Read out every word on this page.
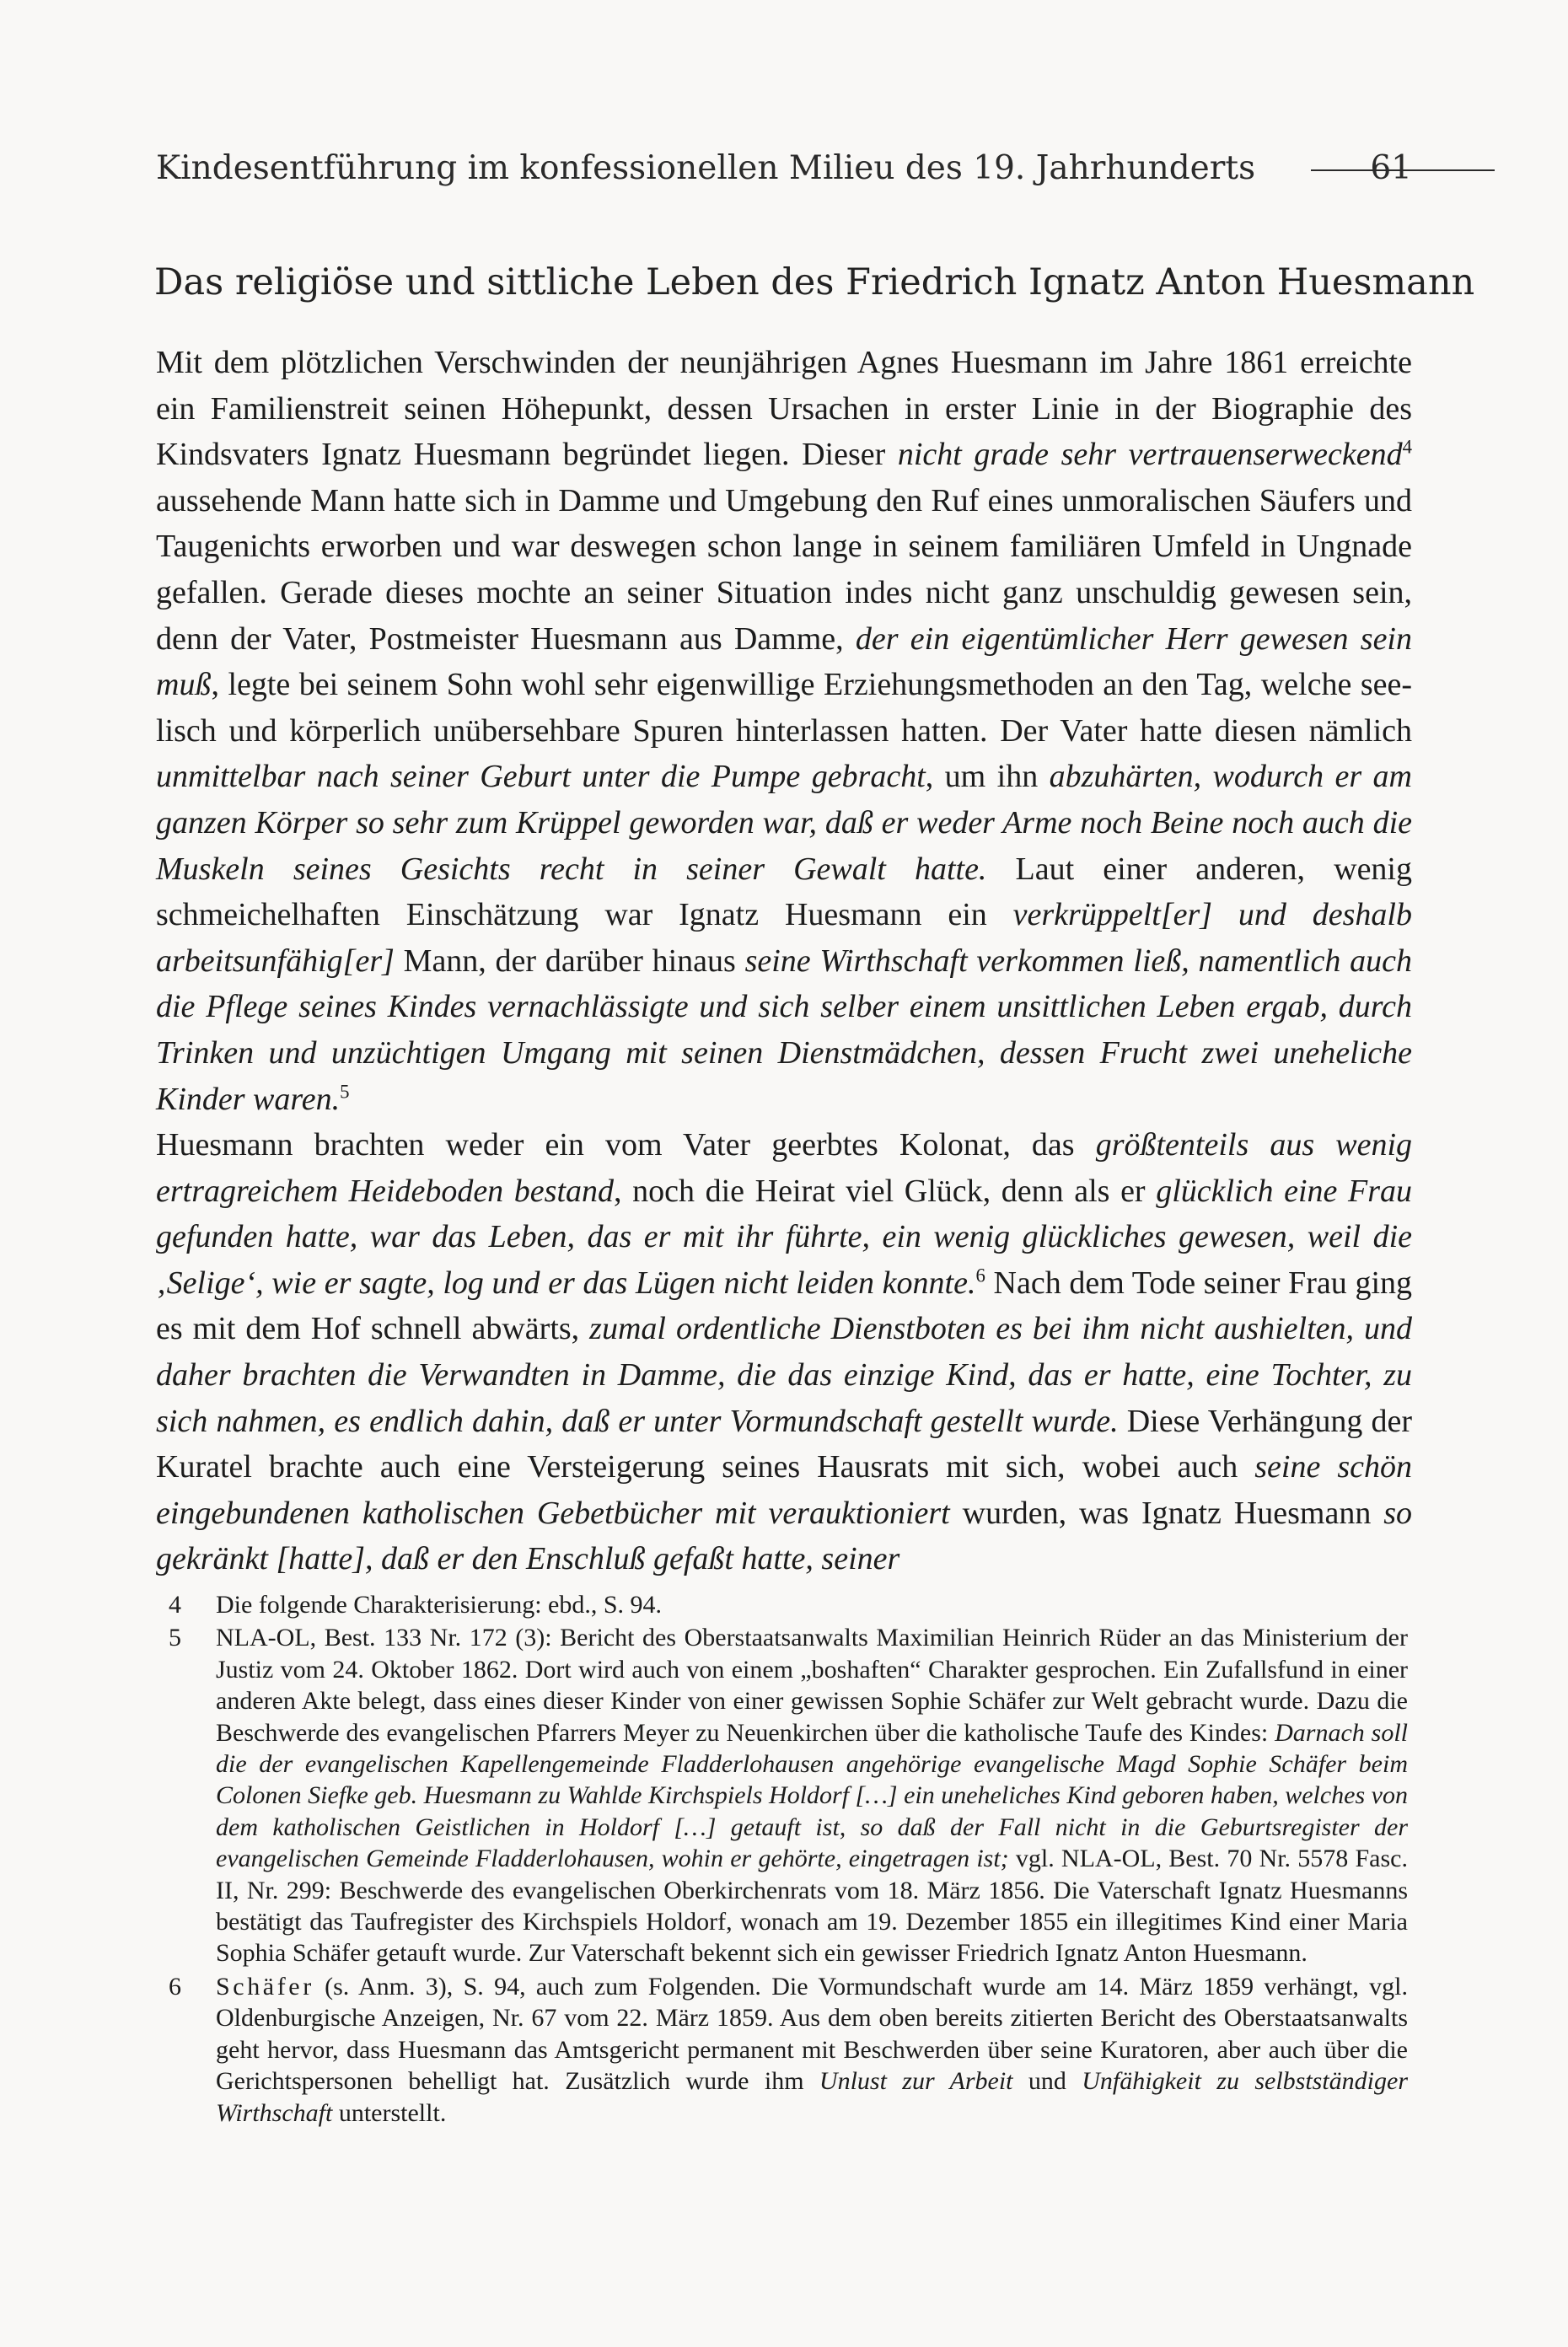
Kindesentführung im konfessionellen Milieu des 19. Jahrhunderts	61
Das religiöse und sittliche Leben des Friedrich Ignatz Anton Huesmann

Mit dem plötzlichen Verschwinden der neunjährigen Agnes Huesmann im Jahre 1861 erreichte ein Familienstreit seinen Höhepunkt, dessen Ursachen in erster Linie in der Biographie des Kindsvaters Ignatz Huesmann begründet liegen. Dieser nicht grade sehr vertrauenserweckend$^4$ aussehende Mann hatte sich in Damme und Umgebung den Ruf eines unmoralischen Säufers und Taugenichts erworben und war deswegen schon lange in seinem familiären Umfeld in Ungnade gefallen. Gerade dieses mochte an seiner Situation indes nicht ganz unschuldig gewesen sein, denn der Vater, Postmeister Huesmann aus Damme, der ein eigentümlicher Herr gewesen sein muß, legte bei seinem Sohn wohl sehr eigenwillige Erziehungsmethoden an den Tag, welche seelisch und körperlich unübersehbare Spuren hinterlassen hatten. Der Vater hatte diesen nämlich unmittelbar nach seiner Geburt unter die Pumpe gebracht, um ihn abzuhärten, wodurch er am ganzen Körper so sehr zum Krüppel geworden war, daß er weder Arme noch Beine noch auch die Muskeln seines Gesichts recht in seiner Gewalt hatte. Laut einer anderen, wenig schmeichelhaften Einschätzung war Ignatz Huesmann ein verkrüppelt[er] und deshalb arbeitsunfähig[er] Mann, der darüber hinaus seine Wirthschaft verkommen ließ, namentlich auch die Pflege seines Kindes vernachlässigte und sich selber einem unsittlichen Leben ergab, durch Trinken und unzüchtigen Umgang mit seinen Dienstmädchen, dessen Frucht zwei uneheliche Kinder waren.$^5$

Huesmann brachten weder ein vom Vater geerbtes Kolonat, das größtenteils aus wenig ertragreichem Heideboden bestand, noch die Heirat viel Glück, denn als er glücklich eine Frau gefunden hatte, war das Leben, das er mit ihr führte, ein wenig glückliches gewesen, weil die ‚Selige‘, wie er sagte, log und er das Lügen nicht leiden konnte.$^6$ Nach dem Tode seiner Frau ging es mit dem Hof schnell abwärts, zumal ordentliche Dienstboten es bei ihm nicht aushielten, und daher brachten die Verwandten in Damme, die das einzige Kind, das er hatte, eine Tochter, zu sich nahmen, es endlich dahin, daß er unter Vormundschaft gestellt wurde. Diese Verhängung der Kuratel brachte auch eine Versteigerung seines Hausrats mit sich, wobei auch seine schön eingebundenen katholischen Gebetbücher mit verauktioniert wurden, was Ignatz Huesmann so gekränkt [hatte], daß er den Enschluß gefaßt hatte, seiner

4	Die folgende Charakterisierung: ebd., S. 94.
5	NLA-OL, Best. 133 Nr. 172 (3): Bericht des Oberstaatsanwalts Maximilian Heinrich Rüder an das Ministerium der Justiz vom 24. Oktober 1862. Dort wird auch von einem „boshaften“ Charakter gesprochen. Ein Zufallsfund in einer anderen Akte belegt, dass eines dieser Kinder von einer gewissen Sophie Schäfer zur Welt gebracht wurde. Dazu die Beschwerde des evangelischen Pfarrers Meyer zu Neuenkirchen über die katholische Taufe des Kindes: Darnach soll die der evangelischen Kapellengemeinde Fladderlohausen angehörige evangelische Magd Sophie Schäfer beim Colonen Siefke geb. Huesmann zu Wahlde Kirchspiels Holdorf […] ein uneheliches Kind geboren haben, welches von dem katholischen Geistlichen in Holdorf […] getauft ist, so daß der Fall nicht in die Geburtsregister der evangelischen Gemeinde Fladderlohausen, wohin er gehörte, eingetragen ist; vgl. NLA-OL, Best. 70 Nr. 5578 Fasc. II, Nr. 299: Beschwerde des evangelischen Oberkirchenrats vom 18. März 1856. Die Vaterschaft Ignatz Huesmanns bestätigt das Taufregister des Kirchspiels Holdorf, wonach am 19. Dezember 1855 ein illegitimes Kind einer Maria Sophia Schäfer getauft wurde. Zur Vaterschaft bekennt sich ein gewisser Friedrich Ignatz Anton Huesmann.
6	Schäfer (s. Anm. 3), S. 94, auch zum Folgenden. Die Vormundschaft wurde am 14. März 1859 verhängt, vgl. Oldenburgische Anzeigen, Nr. 67 vom 22. März 1859. Aus dem oben bereits zitierten Bericht des Oberstaatsanwalts geht hervor, dass Huesmann das Amtsgericht permanent mit Beschwerden über seine Kuratoren, aber auch über die Gerichtspersonen behelligt hat. Zusätzlich wurde ihm Unlust zur Arbeit und Unfähigkeit zu selbstständiger Wirthschaft unterstellt.
